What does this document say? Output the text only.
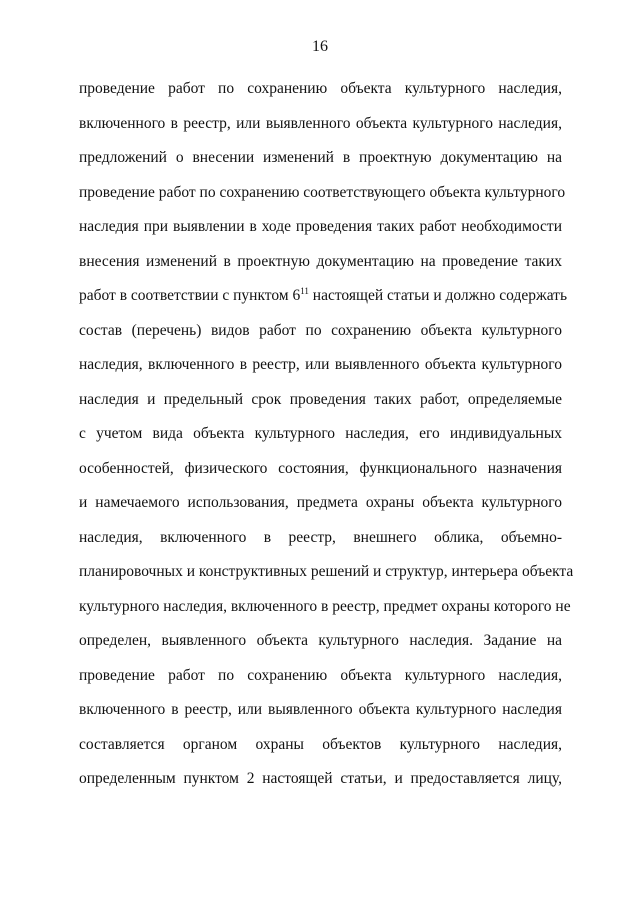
16
проведение работ по сохранению объекта культурного наследия,
включенного в реестр, или выявленного объекта культурного наследия,
предложений о внесении изменений в проектную документацию на
проведение работ по сохранению соответствующего объекта культурного
наследия при выявлении в ходе проведения таких работ необходимости
внесения изменений в проектную документацию на проведение таких
работ в соответствии с пунктом $6^{11}$ настоящей статьи и должно содержать
состав (перечень) видов работ по сохранению объекта культурного
наследия, включенного в реестр, или выявленного объекта культурного
наследия и предельный срок проведения таких работ, определяемые
с учетом вида объекта культурного наследия, его индивидуальных
особенностей, физического состояния, функционального назначения
и намечаемого использования, предмета охраны объекта культурного
наследия, включенного в реестр, внешнего облика, объемно-
планировочных и конструктивных решений и структур, интерьера объекта
культурного наследия, включенного в реестр, предмет охраны которого не
определен, выявленного объекта культурного наследия. Задание на
проведение работ по сохранению объекта культурного наследия,
включенного в реестр, или выявленного объекта культурного наследия
составляется органом охраны объектов культурного наследия,
определенным пунктом 2 настоящей статьи, и предоставляется лицу,
